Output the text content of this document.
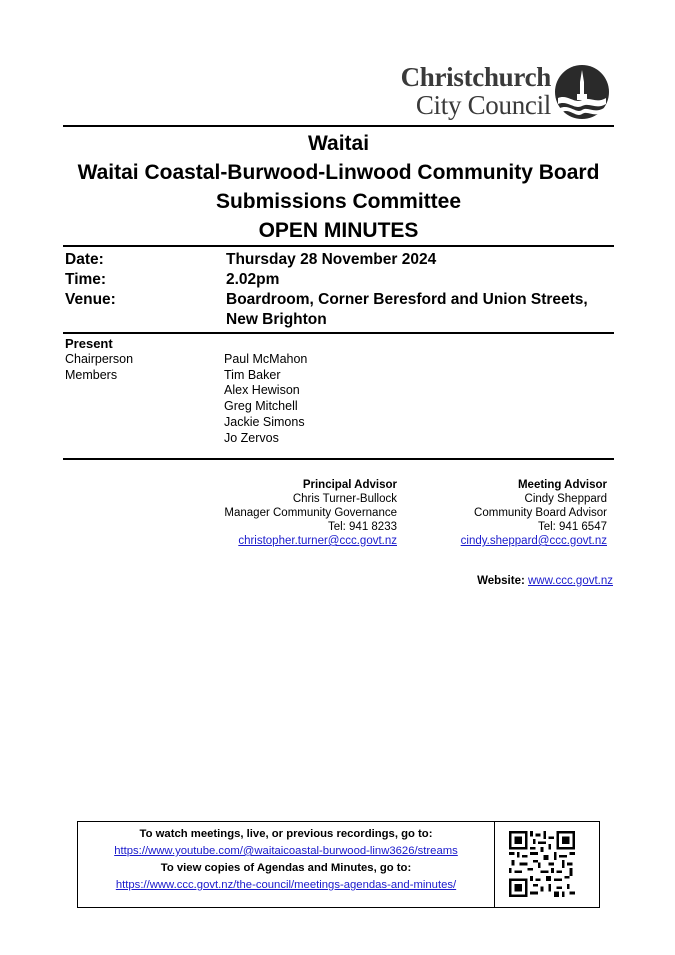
Christchurch
City Council
Waitai
Waitai Coastal-Burwood-Linwood Community Board
Submissions Committee
OPEN MINUTES
Date:	Thursday 28 November 2024
Time:	2.02pm
Venue:	Boardroom, Corner Beresford and Union Streets,
New Brighton
Present
Chairperson	Paul McMahon
Members	Tim Baker
Alex Hewison
Greg Mitchell
Jackie Simons
Jo Zervos
Principal Advisor
Chris Turner-Bullock
Manager Community Governance
Tel: 941 8233
christopher.turner@ccc.govt.nz
Meeting Advisor
Cindy Sheppard
Community Board Advisor
Tel: 941 6547
cindy.sheppard@ccc.govt.nz
Website: www.ccc.govt.nz
To watch meetings, live, or previous recordings, go to:
https://www.youtube.com/@waitaicoastal-burwood-linw3626/streams
To view copies of Agendas and Minutes, go to:
https://www.ccc.govt.nz/the-council/meetings-agendas-and-minutes/
